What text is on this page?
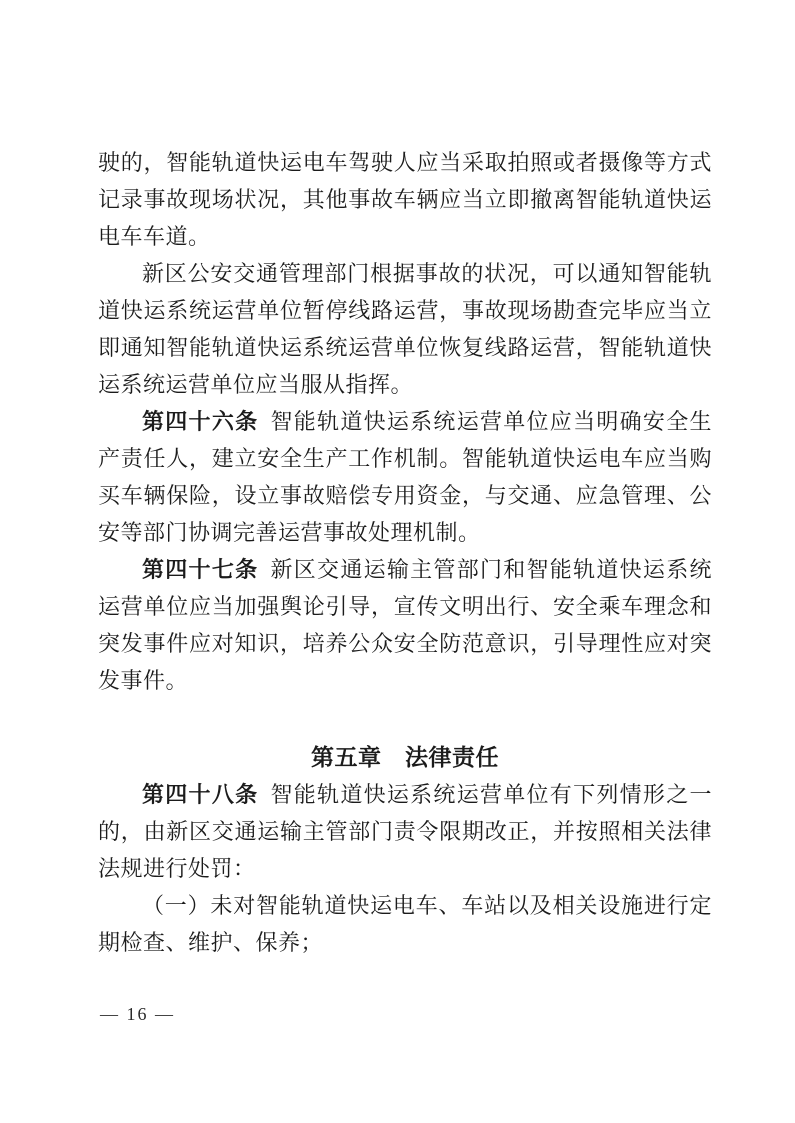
驶的，智能轨道快运电车驾驶人应当采取拍照或者摄像等方式记录事故现场状况，其他事故车辆应当立即撤离智能轨道快运电车车道。

新区公安交通管理部门根据事故的状况，可以通知智能轨道快运系统运营单位暂停线路运营，事故现场勘查完毕应当立即通知智能轨道快运系统运营单位恢复线路运营，智能轨道快运系统运营单位应当服从指挥。

第四十六条 智能轨道快运系统运营单位应当明确安全生产责任人，建立安全生产工作机制。智能轨道快运电车应当购买车辆保险，设立事故赔偿专用资金，与交通、应急管理、公安等部门协调完善运营事故处理机制。

第四十七条 新区交通运输主管部门和智能轨道快运系统运营单位应当加强舆论引导，宣传文明出行、安全乘车理念和突发事件应对知识，培养公众安全防范意识，引导理性应对突发事件。

第五章　法律责任

第四十八条 智能轨道快运系统运营单位有下列情形之一的，由新区交通运输主管部门责令限期改正，并按照相关法律法规进行处罚：

（一）未对智能轨道快运电车、车站以及相关设施进行定期检查、维护、保养；

— 16 —
